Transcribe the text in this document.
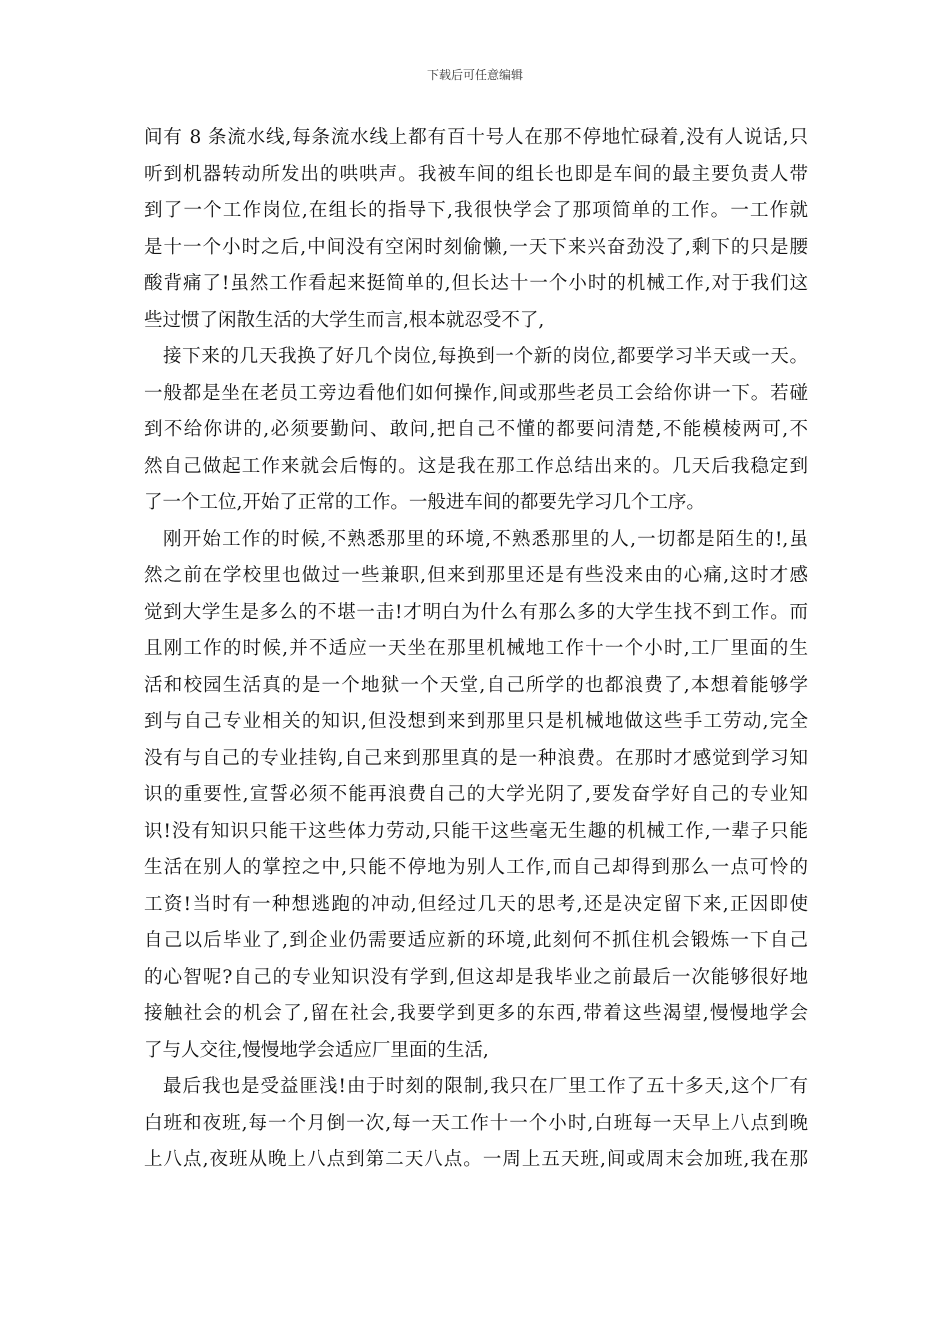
下载后可任意编辑
间有 8 条流水线,每条流水线上都有百十号人在那不停地忙碌着,没有人说话,只
听到机器转动所发出的哄哄声。我被车间的组长也即是车间的最主要负责人带
到了一个工作岗位,在组长的指导下,我很快学会了那项简单的工作。一工作就
是十一个小时之后,中间没有空闲时刻偷懒,一天下来兴奋劲没了,剩下的只是腰
酸背痛了!虽然工作看起来挺简单的,但长达十一个小时的机械工作,对于我们这
些过惯了闲散生活的大学生而言,根本就忍受不了,
接下来的几天我换了好几个岗位,每换到一个新的岗位,都要学习半天或一天。
一般都是坐在老员工旁边看他们如何操作,间或那些老员工会给你讲一下。若碰
到不给你讲的,必须要勤问、敢问,把自己不懂的都要问清楚,不能模棱两可,不
然自己做起工作来就会后悔的。这是我在那工作总结出来的。几天后我稳定到
了一个工位,开始了正常的工作。一般进车间的都要先学习几个工序。
刚开始工作的时候,不熟悉那里的环境,不熟悉那里的人,一切都是陌生的!,虽
然之前在学校里也做过一些兼职,但来到那里还是有些没来由的心痛,这时才感
觉到大学生是多么的不堪一击!才明白为什么有那么多的大学生找不到工作。而
且刚工作的时候,并不适应一天坐在那里机械地工作十一个小时,工厂里面的生
活和校园生活真的是一个地狱一个天堂,自己所学的也都浪费了,本想着能够学
到与自己专业相关的知识,但没想到来到那里只是机械地做这些手工劳动,完全
没有与自己的专业挂钩,自己来到那里真的是一种浪费。在那时才感觉到学习知
识的重要性,宣誓必须不能再浪费自己的大学光阴了,要发奋学好自己的专业知
识!没有知识只能干这些体力劳动,只能干这些毫无生趣的机械工作,一辈子只能
生活在别人的掌控之中,只能不停地为别人工作,而自己却得到那么一点可怜的
工资!当时有一种想逃跑的冲动,但经过几天的思考,还是决定留下来,正因即使
自己以后毕业了,到企业仍需要适应新的环境,此刻何不抓住机会锻炼一下自己
的心智呢?自己的专业知识没有学到,但这却是我毕业之前最后一次能够很好地
接触社会的机会了,留在社会,我要学到更多的东西,带着这些渴望,慢慢地学会
了与人交往,慢慢地学会适应厂里面的生活,
最后我也是受益匪浅!由于时刻的限制,我只在厂里工作了五十多天,这个厂有
白班和夜班,每一个月倒一次,每一天工作十一个小时,白班每一天早上八点到晚
上八点,夜班从晚上八点到第二天八点。一周上五天班,间或周末会加班,我在那
